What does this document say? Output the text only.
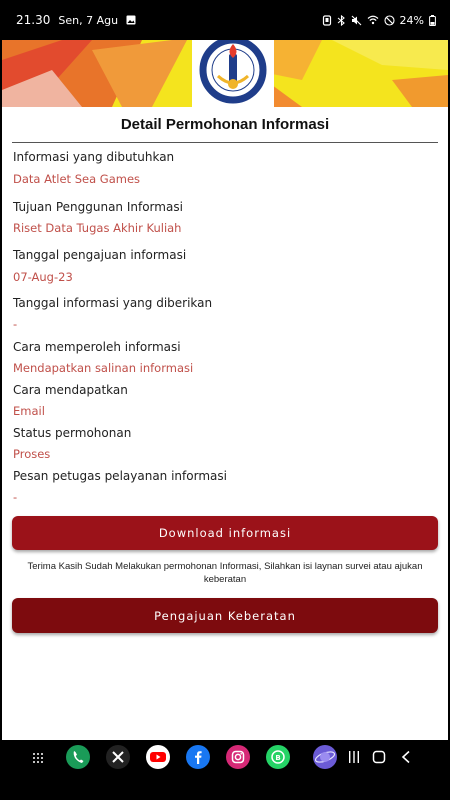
21.30 Sen, 7 Agu	24%
Detail Permohonan Informasi
Informasi yang dibutuhkan
Data Atlet Sea Games
Tujuan Penggunan Informasi
Riset Data Tugas Akhir Kuliah
Tanggal pengajuan informasi
07-Aug-23
Tanggal informasi yang diberikan
-
Cara memperoleh informasi
Mendapatkan salinan informasi
Cara mendapatkan
Email
Status permohonan
Proses
Pesan petugas pelayanan informasi
-
Download informasi
Terima Kasih Sudah Melakukan permohonan Informasi, Silahkan isi laynan survei atau ajukan keberatan
Pengajuan Keberatan
B
